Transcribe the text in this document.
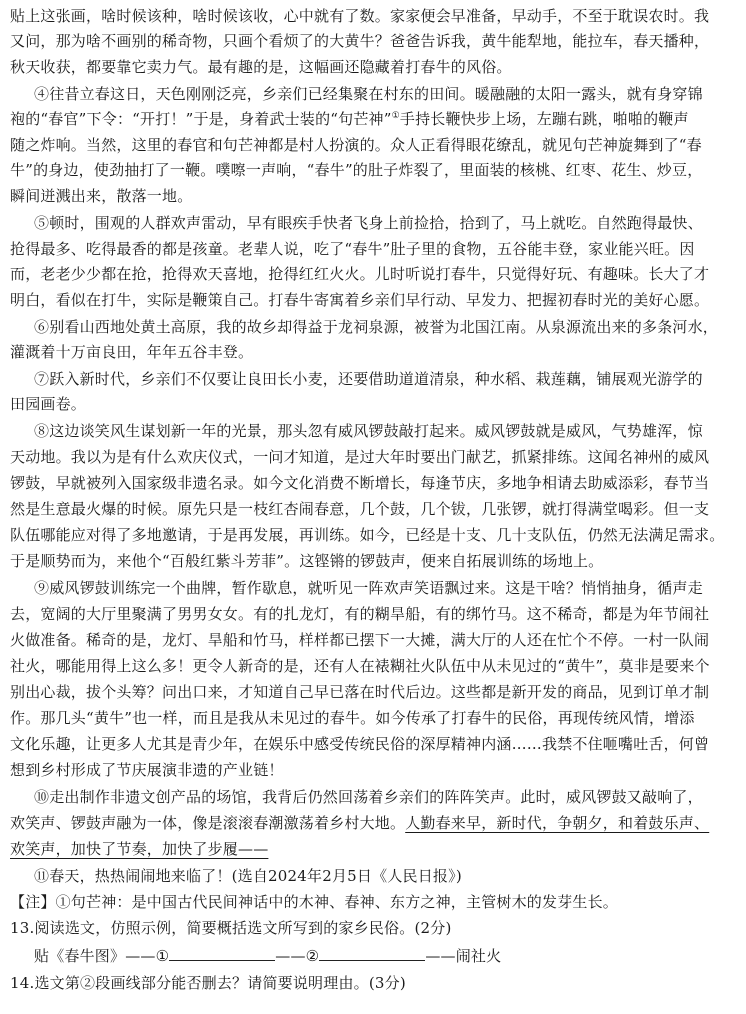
贴上这张画，啥时候该种，啥时候该收，心中就有了数。家家便会早准备，早动手，不至于耽误农时。我
又问，那为啥不画别的稀奇物，只画个看烦了的大黄牛？爸爸告诉我，黄牛能犁地，能拉车，春天播种，
秋天收获，都要靠它卖力气。最有趣的是，这幅画还隐藏着打春牛的风俗。
④往昔立春这日，天色刚刚泛亮，乡亲们已经集聚在村东的田间。暖融融的太阳一露头，就有身穿锦
袍的“春官”下令：“开打！”于是，身着武士装的“句芒神”①手持长鞭快步上场，左蹦右跳，啪啪的鞭声
随之炸响。当然，这里的春官和句芒神都是村人扮演的。众人正看得眼花缭乱，就见句芒神旋舞到了“春
牛”的身边，使劲抽打了一鞭。噗嚓一声响，“春牛”的肚子炸裂了，里面装的核桃、红枣、花生、炒豆，
瞬间迸溅出来，散落一地。
⑤顿时，围观的人群欢声雷动，早有眼疾手快者飞身上前捡拾，拾到了，马上就吃。自然跑得最快、
抢得最多、吃得最香的都是孩童。老辈人说，吃了“春牛”肚子里的食物，五谷能丰登，家业能兴旺。因
而，老老少少都在抢，抢得欢天喜地，抢得红红火火。儿时听说打春牛，只觉得好玩、有趣味。长大了才
明白，看似在打牛，实际是鞭策自己。打春牛寄寓着乡亲们早行动、早发力、把握初春时光的美好心愿。
⑥别看山西地处黄土高原，我的故乡却得益于龙祠泉源，被誉为北国江南。从泉源流出来的多条河水，
灌溉着十万亩良田，年年五谷丰登。
⑦跃入新时代，乡亲们不仅要让良田长小麦，还要借助道道清泉，种水稻、栽莲藕，铺展观光游学的
田园画卷。
⑧这边谈笑风生谋划新一年的光景，那头忽有威风锣鼓敲打起来。威风锣鼓就是威风，气势雄浑，惊
天动地。我以为是有什么欢庆仪式，一问才知道，是过大年时要出门献艺，抓紧排练。这闻名神州的威风
锣鼓，早就被列入国家级非遗名录。如今文化消费不断增长，每逢节庆，多地争相请去助威添彩，春节当
然是生意最火爆的时候。原先只是一枝红杏闹春意，几个鼓，几个钹，几张锣，就打得满堂喝彩。但一支
队伍哪能应对得了多地邀请，于是再发展，再训练。如今，已经是十支、几十支队伍，仍然无法满足需求。
于是顺势而为，来他个“百般红紫斗芳菲”。这铿锵的锣鼓声，便来自拓展训练的场地上。
⑨威风锣鼓训练完一个曲牌，暂作歇息，就听见一阵欢声笑语飘过来。这是干啥？悄悄抽身，循声走
去，宽阔的大厅里聚满了男男女女。有的扎龙灯，有的糊旱船，有的绑竹马。这不稀奇，都是为年节闹社
火做准备。稀奇的是，龙灯、旱船和竹马，样样都已摆下一大摊，满大厅的人还在忙个不停。一村一队闹
社火，哪能用得上这么多！更令人新奇的是，还有人在裱糊社火队伍中从未见过的“黄牛”，莫非是要来个
别出心裁，拔个头筹？问出口来，才知道自己早已落在时代后边。这些都是新开发的商品，见到订单才制
作。那几头“黄牛”也一样，而且是我从未见过的春牛。如今传承了打春牛的民俗，再现传统风情，增添
文化乐趣，让更多人尤其是青少年，在娱乐中感受传统民俗的深厚精神内涵……我禁不住咂嘴吐舌，何曾
想到乡村形成了节庆展演非遗的产业链！
⑩走出制作非遗文创产品的场馆，我背后仍然回荡着乡亲们的阵阵笑声。此时，威风锣鼓又敲响了，
欢笑声、锣鼓声融为一体，像是滚滚春潮激荡着乡村大地。人勤春来早，新时代，争朝夕，和着鼓乐声、
欢笑声，加快了节奏，加快了步履——
⑪春天，热热闹闹地来临了！(选自2024年2月5日《人民日报》)
【注】①句芒神：是中国古代民间神话中的木神、春神、东方之神，主管树木的发芽生长。
13.阅读选文，仿照示例，简要概括选文所写到的家乡民俗。(2分)
贴《春牛图》——①	——②	——闹社火
14.选文第②段画线部分能否删去？请简要说明理由。(3分)
